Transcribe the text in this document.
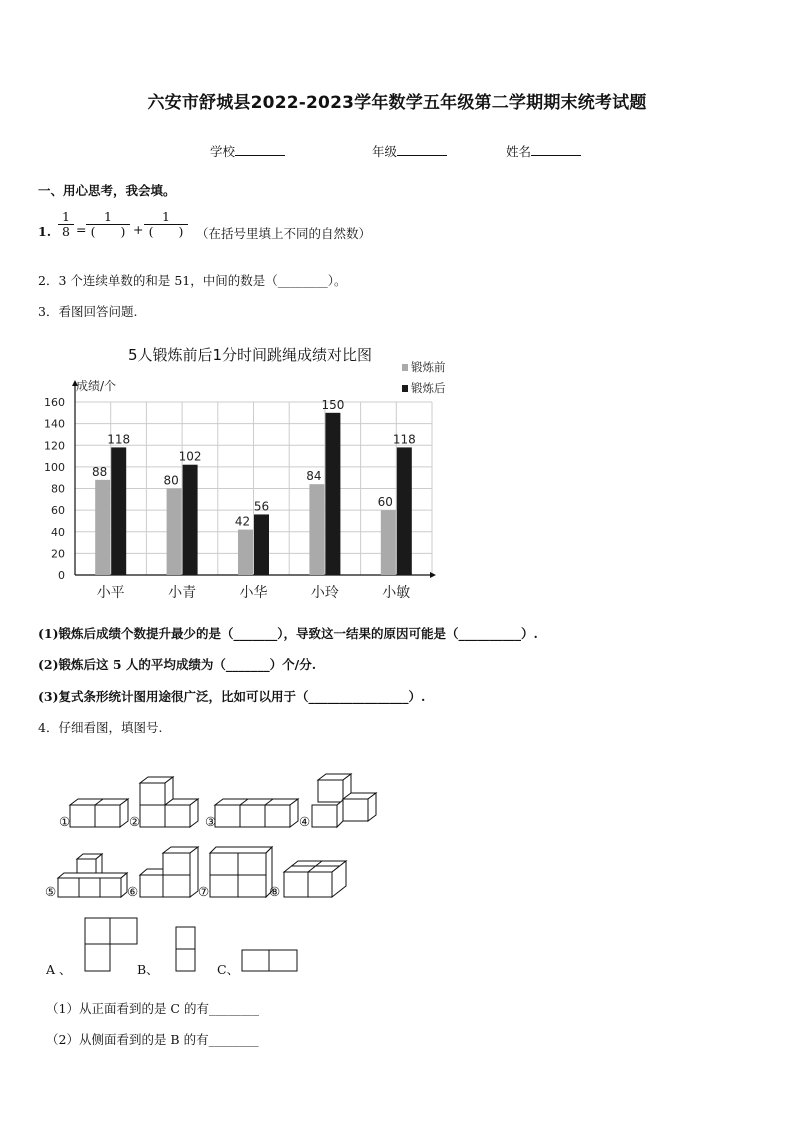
六安市舒城县2022-2023学年数学五年级第二学期期末统考试题
学校	年级	姓名
一、用心思考，我会填。
1. $\frac{1}{8} = \frac{1}{( )} + \frac{1}{( )}$ （在括号里填上不同的自然数）
2．3 个连续单数的和是 51，中间的数是（________）。
3．看图回答问题.
0
20
40
60
80
100
120
140
160
88
118
小平
80
102
小青
42
56
小华
84
150
小玲
60
118
小敏
5人锻炼前后1分时间跳绳成绩对比图
成绩/个
锻炼前
锻炼后
(1)锻炼后成绩个数提升最少的是（_______），导致这一结果的原因可能是（__________）.
(2)锻炼后这 5 人的平均成绩为（_______）个/分.
(3)复式条形统计图用途很广泛，比如可以用于（________________）.
4．仔细看图，填图号.
①	②	③	④
⑤	⑥	⑦	⑧
A 、	B、	C、
（1）从正面看到的是 C 的有________
（2）从侧面看到的是 B 的有________
